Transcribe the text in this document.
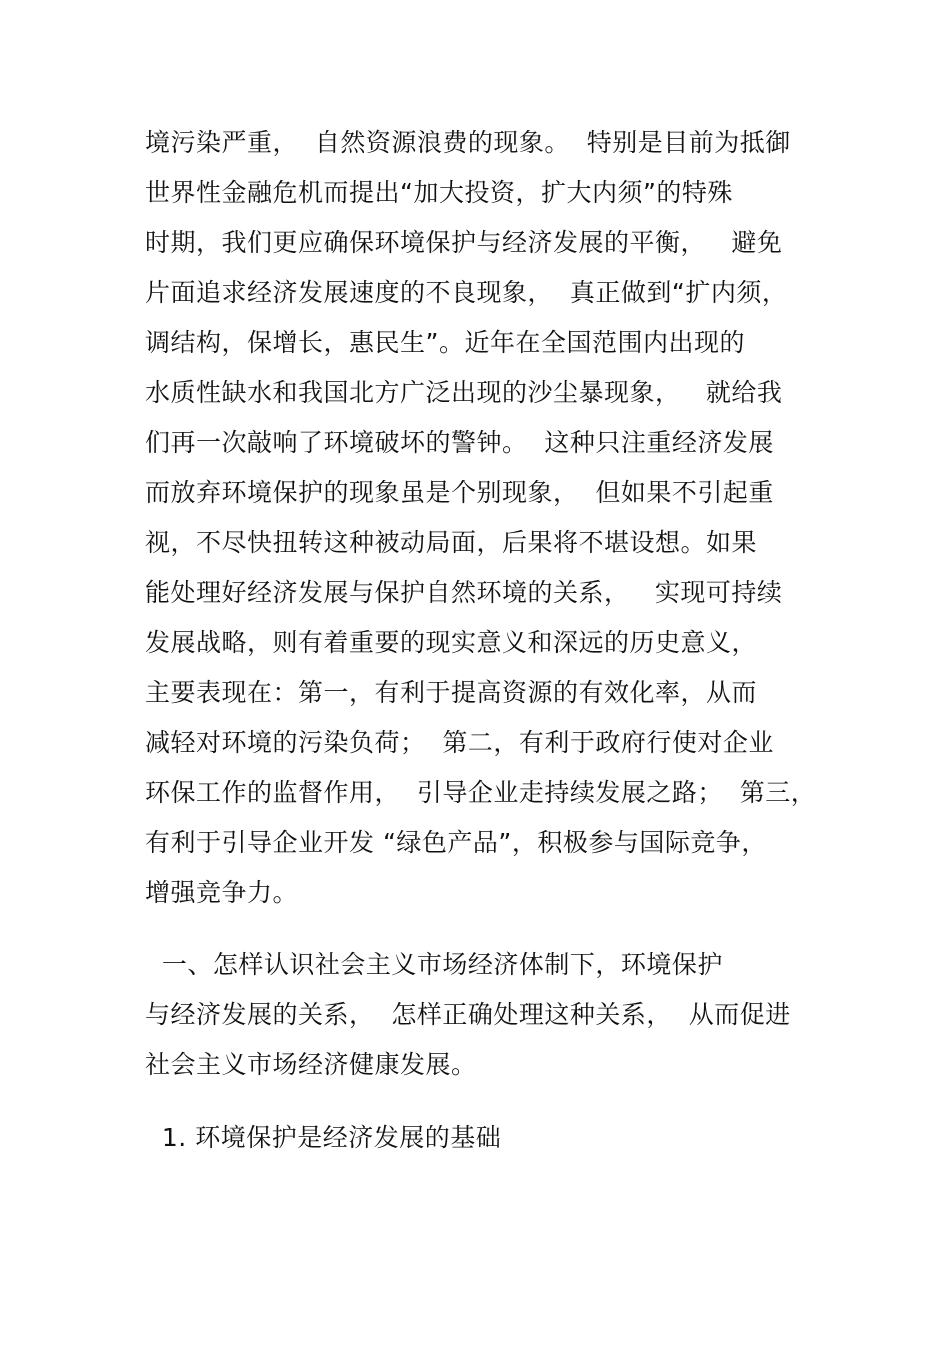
境污染严重，  自然资源浪费的现象。  特别是目前为抵御
世界性金融危机而提出“加大投资，扩大内须”的特殊
时期，我们更应确保环境保护与经济发展的平衡，   避免
片面追求经济发展速度的不良现象，  真正做到“扩内须，
调结构，保增长，惠民生”。近年在全国范围内出现的
水质性缺水和我国北方广泛出现的沙尘暴现象，   就给我
们再一次敲响了环境破坏的警钟。  这种只注重经济发展
而放弃环境保护的现象虽是个别现象，  但如果不引起重
视，不尽快扭转这种被动局面，后果将不堪设想。如果
能处理好经济发展与保护自然环境的关系，   实现可持续
发展战略，则有着重要的现实意义和深远的历史意义，
主要表现在：第一，有利于提高资源的有效化率，从而
减轻对环境的污染负荷；  第二，有利于政府行使对企业
环保工作的监督作用，  引导企业走持续发展之路；  第三，
有利于引导企业开发 “绿色产品”，积极参与国际竞争，
增强竞争力。
一、怎样认识社会主义市场经济体制下，环境保护
与经济发展的关系，  怎样正确处理这种关系，  从而促进
社会主义市场经济健康发展。
1. 环境保护是经济发展的基础
